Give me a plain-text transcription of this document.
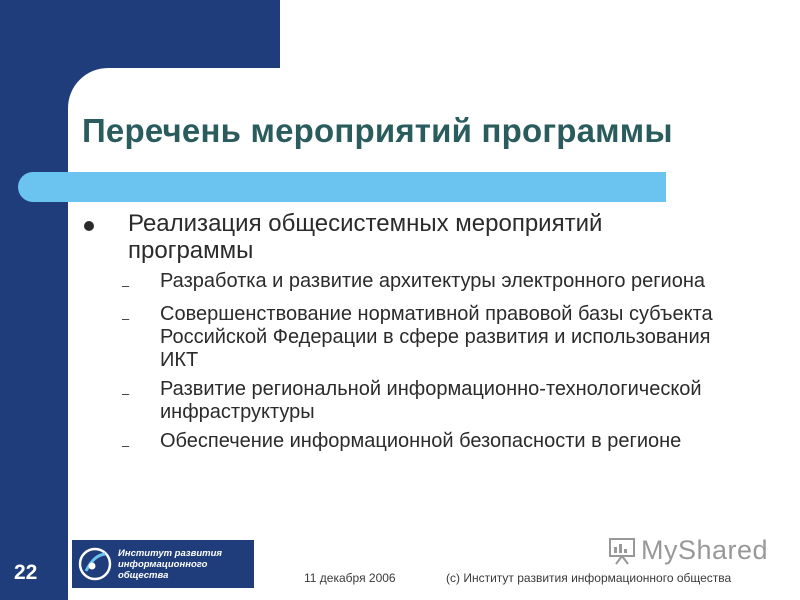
Перечень мероприятий программы
Реализация общесистемных мероприятий программы
– Разработка и развитие архитектуры электронного региона
– Совершенствование нормативной правовой базы субъекта Российской Федерации в сфере развития и использования ИКТ
– Развитие региональной информационно-технологической инфраструктуры
– Обеспечение информационной безопасности в регионе
22
Институт развития
информационного общества	11 декабря 2006	(c) Институт развития информационного общества
MyShared
